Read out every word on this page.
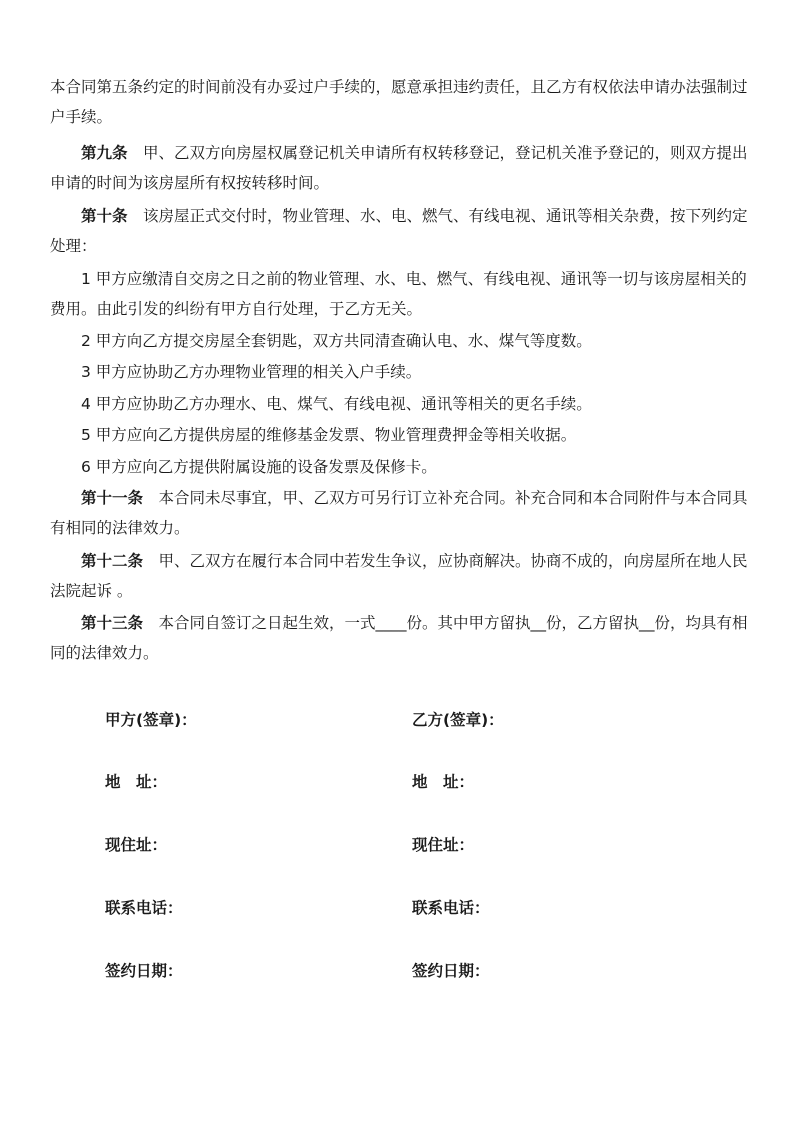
本合同第五条约定的时间前没有办妥过户手续的，愿意承担违约责任，且乙方有权依法申请办法强制过户手续。

第九条　 甲、乙双方向房屋权属登记机关申请所有权转移登记，登记机关准予登记的，则双方提出申请的时间为该房屋所有权按转移时间。

第十条　 该房屋正式交付时，物业管理、水、电、燃气、有线电视、通讯等相关杂费，按下列约定处理：

1 甲方应缴清自交房之日之前的物业管理、水、电、燃气、有线电视、通讯等一切与该房屋相关的费用。由此引发的纠纷有甲方自行处理，于乙方无关。

2 甲方向乙方提交房屋全套钥匙，双方共同清查确认电、水、煤气等度数。

3 甲方应协助乙方办理物业管理的相关入户手续。

4 甲方应协助乙方办理水、电、煤气、有线电视、通讯等相关的更名手续。

5 甲方应向乙方提供房屋的维修基金发票、物业管理费押金等相关收据。

6 甲方应向乙方提供附属设施的设备发票及保修卡。

第十一条　 本合同未尽事宜，甲、乙双方可另行订立补充合同。补充合同和本合同附件与本合同具有相同的法律效力。

第十二条　 甲、乙双方在履行本合同中若发生争议，应协商解决。协商不成的，向房屋所在地人民法院起诉 。

第十三条　 本合同自签订之日起生效，一式____份。其中甲方留执__份，乙方留执__份，均具有相同的法律效力。

甲方(签章)：	乙方(签章)：
地　址：	地　址：
现住址：	现住址：
联系电话：	联系电话：
签约日期：	签约日期：
